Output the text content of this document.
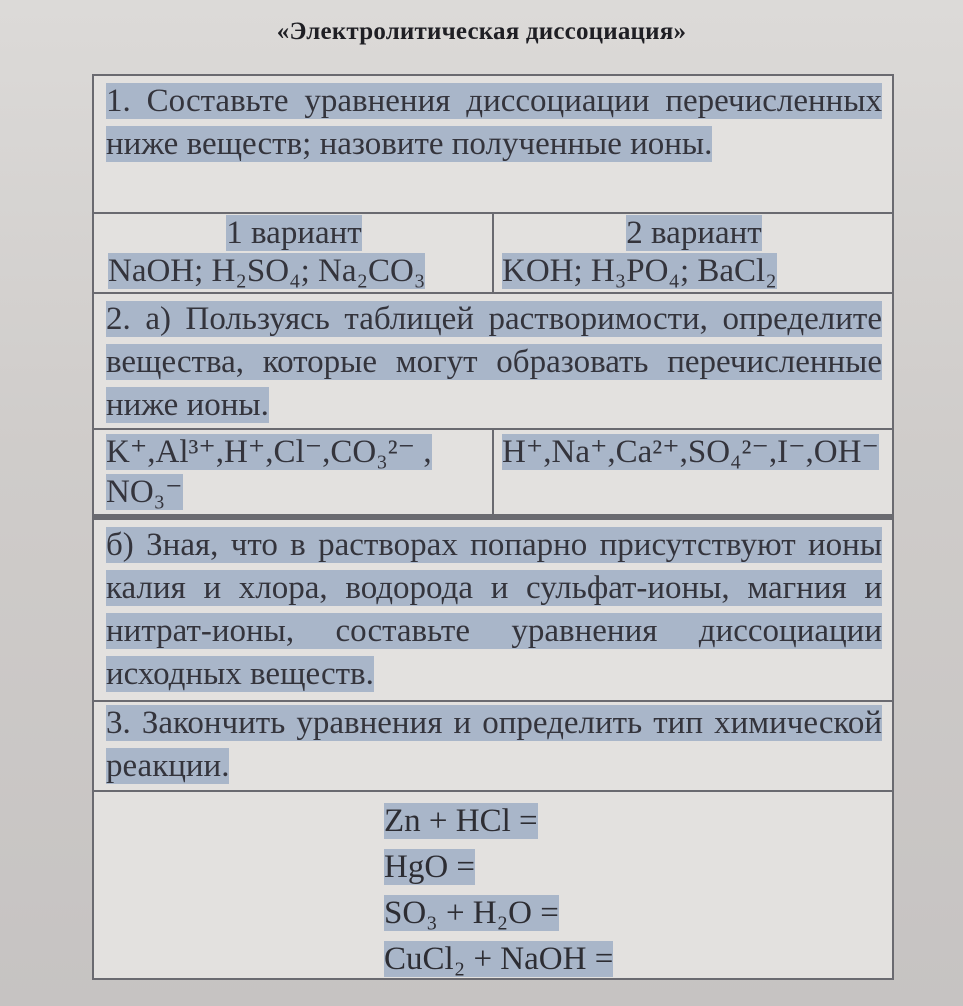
«Электролитическая диссоциация»
1. Составьте уравнения диссоциации перечисленных ниже веществ; назовите полученные ионы.
1 вариант
NaOH; H₂SO₄; Na₂CO₃
2 вариант
KOH; H₃PO₄; BaCl₂
2. а) Пользуясь таблицей растворимости, определите вещества, которые могут образовать перечисленные ниже ионы.
K⁺,Al³⁺,H⁺,Cl⁻,CO₃²⁻ , NO₃⁻
H⁺,Na⁺,Ca²⁺,SO₄²⁻,I⁻,OH⁻
б) Зная, что в растворах попарно присутствуют ионы калия и хлора, водорода и сульфат-ионы, магния и нитрат-ионы, составьте уравнения диссоциации исходных веществ.
3. Закончить уравнения и определить тип химической реакции.
Zn + HCl =
HgO =
SO₃ + H₂O =
CuCl₂ + NaOH =
